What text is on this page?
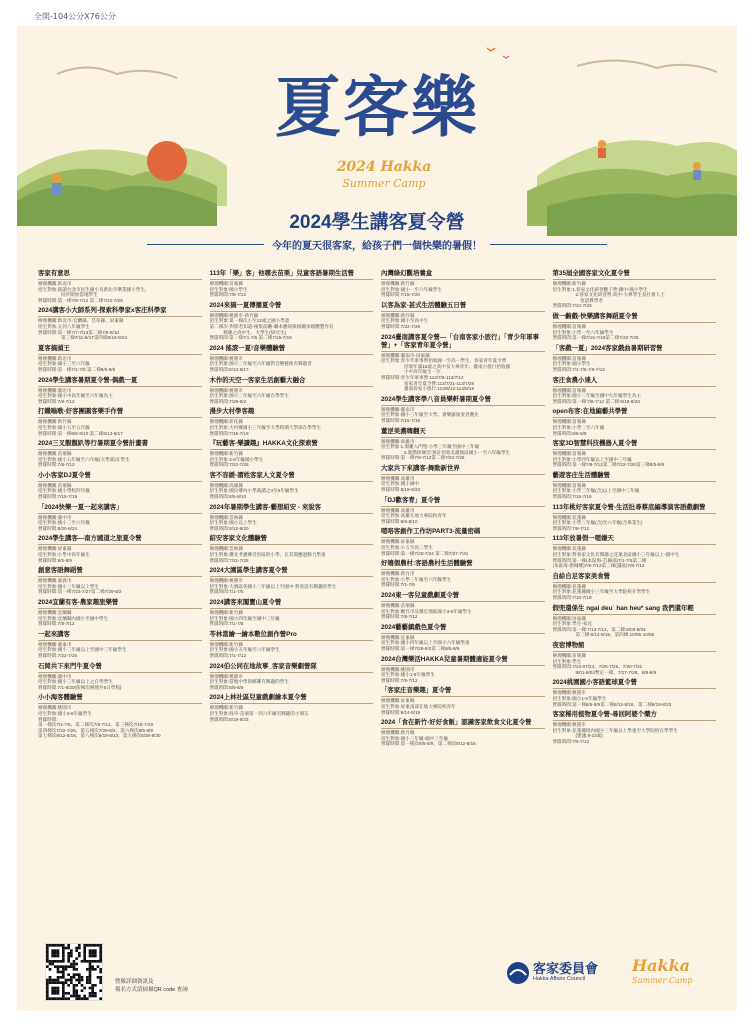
全開-104公分X76公分
夏客樂
2024 Hakka
Summer Camp
2024學生講客夏令營
今年的夏天很客家，給孩子們一個快樂的暑假！
客家有意思
辦理機關:新北市
招生對象:就讀台北市民生國小及新北市樂業國小學生，
　　　　　同步開放當地學生
營隊時間:第一梯7/8-7/12 第二梯7/22-7/26
2024講客小大師系列-探索科學家x客庄科學家
辦理機關:新北市-宜蘭縣、莒草縣、屏東縣
招生對象:五到八年級學生
營隊時間:第一梯7/7-7/13第二梯7/8-8/10
　　　　　第三梯7/11-8/17第四梯8/18-8/24
夏客搞頭王
辦理機關:新北市
招生對象:國小三至六年級
營隊時間:第一梯7/1-7/5 第二梯8/5-8/9
2024學生講客暑期夏令營-偶戲一夏
辦理機關:臺北市
招生對象:國小中高年級至六年級為主
營隊時間:7/8-7/12
打鐵嗡歌-好客團圓客樂手作營
辦理機關:新竹縣
招生對象:國小五至五年級
營隊時間:第一梯8/6-8/10 第二梯8/13-8/17
2024三叉靚靚趴等行暑期夏令營計畫書
辦理機關:苗栗縣
招生對象:國小五年級至六年級(大學部)在學生
營隊時間:7/8-7/12
小小客家DJ夏令營
辦理機關:苗栗縣
招生對象:國小學校四年級
營隊時間:7/15-7/19
「2024快樂一夏一起來講客」
辦理機關:臺中市
招生對象:國小三至六年級
營隊時間:8/20-8/24
2024學生講客—南方國道之旅夏令營
辦理機關:屏東縣
招生對象:小學中高年級生
營隊時間:8/5-8/9
創意客語舞蹈營
辦理機關:嘉義市
招生對象:國小三年級以上學生
營隊時間:第一梯7/23-7/27第二梯7/29-8/2
2024宜蘭有客-農家趣旅樂營
辦理機關:宜蘭縣
招生對象:宜蘭縣內國小至國中學生
營隊時間:7/8-7/12
一起來講客
辦理機關:臺東市
招生對象:國小三年級以上至國中三年級學生
營隊時間:7/22-7/26
石岡共下來門牛夏令營
辦理機關:臺中市
招生對象:國小三年級以上之在學學生
營隊時間:7/1-8/30(依梯次辦理共5日學程)
小小海客體驗營
辦理機關:桃園市
招生對象:國小3-6年級學生
營隊時間:
第一梯次7/1-7/5、第二梯次7/8-7/12、第三梯次7/15-7/19
第四梯次7/22-7/26、第五梯次7/29-8/2、第六梯次8/5-8/9
第七梯次8/12-8/16、第八梯次8/19-8/23、第九梯次8/26-8/30
113年「樂」客」他哪去苗栗」兒童客語暑期生活營
辦理機關:苗栗縣
招生對象:國小學生
營隊時間:7/8-7/12
2024來搞一夏傳播夏令營
辦理機關:桃園市-新竹縣
招生對象:第一梯次小至12歲之國小學童
第二梯次-對影若知道-後集前廳-聯本應寫與相關多媒體製作有
　　　興趣之高中生、大學生(研究生)
營隊時間:第一梯7/1-7/5 第二梯7/15-7/19
2024 搖滾一夏!音樂體驗營
辦理機關:桃園市
招生對象:國小三年級至六年級對音樂藝術有興趣者
營隊時間:8/13-8/17
木作的天空一客家生活創藝大融合
辦理機關:桃園市
招生對象:國小三年級至六年級在學學生
營隊時間:7/29-8/2
漫步大村學客趣
辦理機關:彰化縣
招生對象:大村鄉國小三年級至大學時期大學部在學學生
營隊時間:7/15-7/19
『玩藝客-樂讀趣』HAKKA文化探索營
辦理機關:新竹縣
招生對象:3-6年級國小學生
營隊時間:7/22-7/26
客不容緩-謂姓客家人文夏令營
辦理機關:高雄縣
招生對象:國民鄉內小學就讀之4至6年級學生
營隊時間:8/5-8/10
2024年暑期學生講客-藝想紹安 - 來說客
辦理機關:雲林縣
招生對象:國小以上學生
營隊時間:8/12-8/20
紹安客家文化體驗營
辦理機關:雲林縣
招生對象:優先考慮鄉近於區的小學，在其資應過動力學童
營隊時間:7/21-7/25
2024大園區學生講客夏令營
辦理機關:桃園市
招生對象:大園區各國小三年級以上至國中-對客語有興趣的學生
營隊時間:7/1-7/5
2024講客來闖寶山夏令營
辦理機關:新竹縣
招生對象:國小四年級至國中三年級
營隊時間:7/1-7/5
苓林當繪一繪本數位創作營Pro
辦理機關:新竹縣
招生對象:國小五年級至六年級學生
營隊時間:7/1-7/12
2024伯公同在地故事_客家音樂劇營隊
辦理機關:桃園市
招生對象:當地中學與鄉鄰有興趣的學生
營隊時間:8/5-8/9
2024上林社區兒童戲劇繪本夏令營
辦理機關:新竹縣
招生對象:商市-苗栗第一到六年級有興趣的小朋友
營隊時間:8/19-8/23
內灣綠幻觀培養盒
辦理機關:新竹縣
招生對象:國小一至六年級學生
營隊時間:7/15-7/20
以客為家-甚式生活體驗五日營
辦理機關:新竹縣
招生對象:國小至高中生
營隊時間:7/22-7/26
2024臺南講客夏令營—「台南客家小旅行」「青少年軍事營」+「客家青年夏令營」
辦理機關:臺南市-屏東縣
招生對象:青少年軍事營招收國一至高一學生、客家青年夏令營
　　　　　招收年滿18歲之高中及大專青年、臺南小旅行招收國
　　　　　小中高年級生一位
營隊時間:青少年軍事營:113/7/8-113/7/12
　　　　　客家青年夏令營:113/7/21-113/7/26
　　　　　臺南客家小旅行:113/8/12-113/8/16
2024學生講客學八音員樂軒暑期夏令營
辦理機關:臺南市
招生對象:國小三年級至大學、會樂器演奏者優先
營隊時間:7/15-7/19
董逆美濃嗨翻天
辦理機關:高雄市
招生對象:1.嶺離入門型:小學三年級至國中三年級
　　　　　2.進階研修型:預計招收美濃地區國小一至六年級學生
營隊時間:第一梯7/8-7/12第二梯7/22-7/26
大家共下來講客-舞動新世界
辦理機關:高雄市
招生對象:國小國中
營隊時間:8/19-8/23
「DJ歡客青」夏令營
辦理機關:高雄市
招生對象:高雄在地大專院校青年
營隊時間:8/6-8/10
嗯咯客創作工作坊PART3-流量密碼
辦理機關:屏東縣
招生對象:小五至高三學生
營隊時間:第一梯7/20-7/24 第二梯7/27-7/31
好嬉個農村:客語農村生活體驗營
辦理機關:新竹市
招生對象:小學三年級至六年級學生
營隊時間:7/1-7/5
2024東一客兒童戲劇夏令營
辦理機關:苗栗縣
招生對象:嫩竹市及鄰近地區國小3-6年級學生
營隊時間:7/8-7/12
2024藝藝鎮戲色夏令營
辦理機關:宜東縣
招生對象:國小四年級以上至國小六年級學童
營隊時間:第一梯7/29-8/2第二梯8/5-8/9
2024台灣樂活HAKKA兒童暑期體適能夏令營
辦理機關:桃園市
招生對象:國小1-6年級學生
營隊時間:7/8-7/12
「客家庄音樂趣」夏令營
辦理機關:屏東縣
招生對象:屏東南部在地大專院校青年
營隊時間:8/14-8/18
2024「食在新竹-好好食飯」認識客家飲食文化夏令營
辦理機關:新竹縣
招生對象:國小三年級-國中三年級
營隊時間:第一梯次8/5-8/9、第二梯次8/12-8/16
第35屆全國客家文化夏令營
辦理機關:新竹縣
招生對象:1.客家文化研習觀子營:國中-國小學生
　　　　　2.客家文化研習營:高中-大專學生及社會人士
　　　　　　客語教學者
營隊時間:7/22-7/23
做一齣戲-快樂講客舞蹈夏令營
辦理機關:苗栗縣
招生對象:小學一至六年級學生
營隊時間:第一梯7/15-7/19第二梯7/22-7/26
「客戲一夏」2024客家戲曲暑期研習營
辦理機關:苗栗縣
招生對象:國小學生
營隊時間:7/1-7/5-7/8-7/12
客庄食農小達人
辦理機關:苗栗縣
招生對象:國小三年級至國中九年級學生為主
營隊時間:第一梯:7/8-7/12 第二梯:8/19-8/23
open布客:在地編藝共學營
辦理機關:苗栗縣
招生對象:小學三至六年級
營隊時間:8/5-8/9
客家3D智慧科技機器人夏令營
辦理機關:苗栗縣
招生對象:小學四年級以上至國中三年級
營隊時間:第一梯7/8-7/12第二梯7/22-7/26第三梯8/5-8/9
藝遊客庄生活體驗營
辦理機關:苗栗縣
招生對象:小學三年級(含)以上至國中三年級
營隊時間:7/15-7/19
113年桃好客家夏令營-生活肚尋蔡底編導演客語戲劇營
辦理機關:花蓮縣
招生對象:小學三年級(含)至六年級(含畢業生)
營隊時間:7/8-7/12
113年放暑假一嗯嫌天
辦理機關:花蓮縣
招生對象:對客家文化有興趣之花蓮北區國小三年級以上-國中生
營隊時間:第一梯(本區海-莒縣部)7/1-7/5第二梯
(本區海-新城鄉)7/8-7/12第三梯(滿區)7/8-7/12
自給自足客家美食營
辦理機關:花蓮縣
招生對象:花蓮縣國小三年級至大學院校在學學生
營隊時間:7/15-7/19
假兜還係生 ngai deu˙ han heu* sang 我們還年輕
辦理機關:屏東縣
招生對象:學生-家長
營隊時間:第一梯:7/13-7/14、第二梯:8/03-8/04
　　　　　第三梯:9/14-9/15、第四梯:10/05-10/06
夜宿博物館
辦理機關:苗栗縣
招生對象:學生
營隊時間:7/23-07/24、7/25-7/26、7/30-7/31
　　　　　8/01-8/02暫定一梯，7/27-7/28、8/8-8/9
2024桃園國小客語籃球夏令營
辦理機關:桃園市
招生對象:國小1-6年級學生
營隊時間:第一梯8/5-8/9第二梯8/12-8/16、第二梯8/19-8/23
客家稀用植物夏令營-尋回阿婆个藥方
辦理機關:桃園市
招生對象:花蓮縣境內國小三年級以上學童至大學院校在學學生
　　　　　(建議:9-23歲)
營隊時間:7/8-7/12
營隊詳細資訊及
報名方式請掃描QR code 查詢
客家委員會
Hakka Affairs Council
Hakka
Summer Camp
